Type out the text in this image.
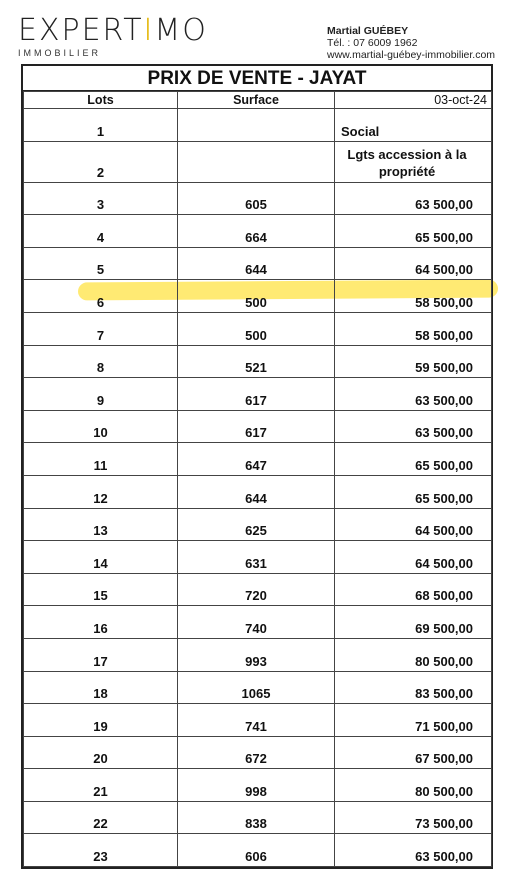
EXPERTIMO
IMMOBILIER
Martial GUÉBEY
Tél. : 07 6009 1962
www.martial-guébey-immobilier.com
PRIX DE VENTE - JAYAT
Lots	Surface	03-oct-24
1		Social
2		Lgts accession à la propriété
3	605	63 500,00
4	664	65 500,00
5	644	64 500,00
6	500	58 500,00
7	500	58 500,00
8	521	59 500,00
9	617	63 500,00
10	617	63 500,00
11	647	65 500,00
12	644	65 500,00
13	625	64 500,00
14	631	64 500,00
15	720	68 500,00
16	740	69 500,00
17	993	80 500,00
18	1065	83 500,00
19	741	71 500,00
20	672	67 500,00
21	998	80 500,00
22	838	73 500,00
23	606	63 500,00
